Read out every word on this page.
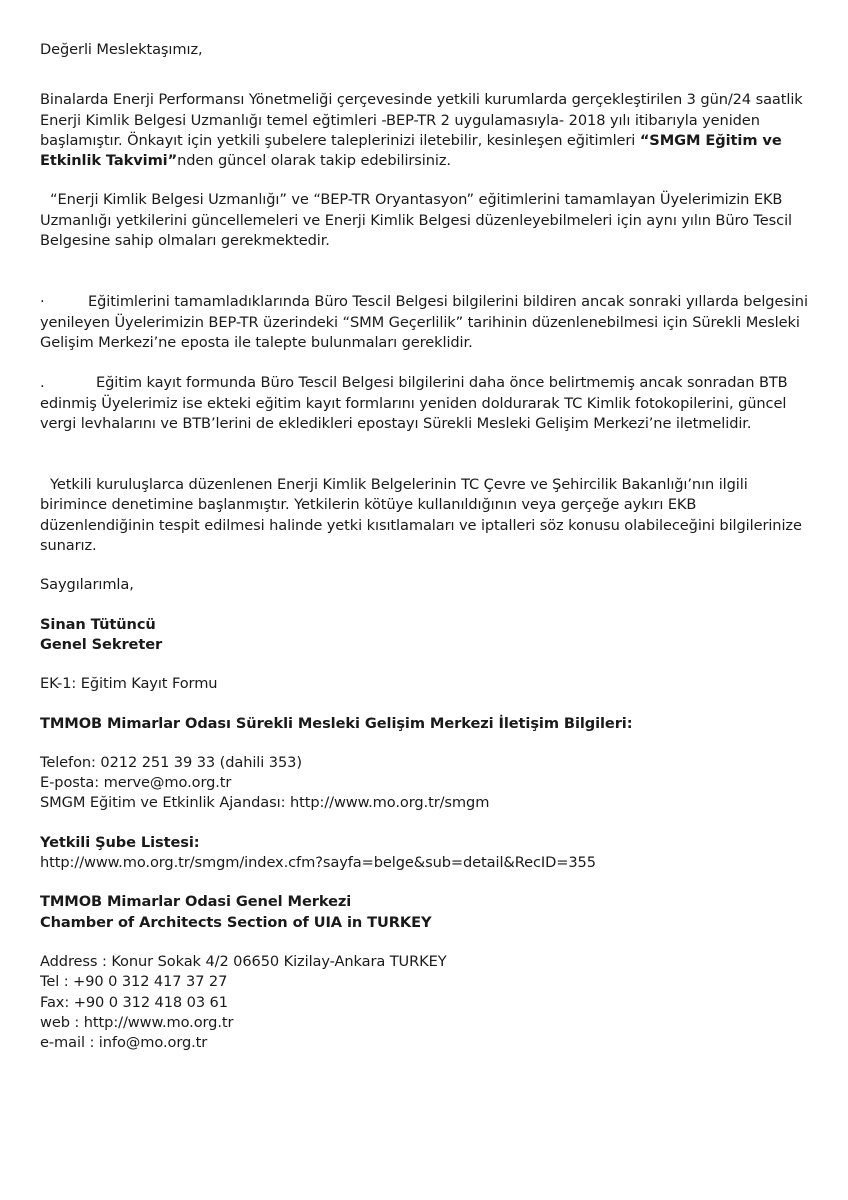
Değerli Meslektaşımız,

Binalarda Enerji Performansı Yönetmeliği çerçevesinde yetkili kurumlarda gerçekleştirilen 3 gün/24 saatlik Enerji Kimlik Belgesi Uzmanlığı temel eğtimleri -BEP-TR 2 uygulamasıyla- 2018 yılı itibarıyla yeniden başlamıştır. Önkayıt için yetkili şubelere taleplerinizi iletebilir, kesinleşen eğitimleri “SMGM Eğitim ve Etkinlik Takvimi”nden güncel olarak takip edebilirsiniz.

“Enerji Kimlik Belgesi Uzmanlığı” ve “BEP-TR Oryantasyon” eğitimlerini tamamlayan Üyelerimizin EKB Uzmanlığı yetkilerini güncellemeleri ve Enerji Kimlik Belgesi düzenleyebilmeleri için aynı yılın Büro Tescil Belgesine sahip olmaları gerekmektedir.

·	Eğitimlerini tamamladıklarında Büro Tescil Belgesi bilgilerini bildiren ancak sonraki yıllarda belgesini yenileyen Üyelerimizin BEP-TR üzerindeki “SMM Geçerlilik” tarihinin düzenlenebilmesi için Sürekli Mesleki Gelişim Merkezi’ne eposta ile talepte bulunmaları gereklidir.

.	Eğitim kayıt formunda Büro Tescil Belgesi bilgilerini daha önce belirtmemiş ancak sonradan BTB edinmiş Üyelerimiz ise ekteki eğitim kayıt formlarını yeniden doldurarak TC Kimlik fotokopilerini, güncel vergi levhalarını ve BTB’lerini de ekledikleri epostayı Sürekli Mesleki Gelişim Merkezi’ne iletmelidir.

Yetkili kuruluşlarca düzenlenen Enerji Kimlik Belgelerinin TC Çevre ve Şehircilik Bakanlığı’nın ilgili birimince denetimine başlanmıştır. Yetkilerin kötüye kullanıldığının veya gerçeğe aykırı EKB düzenlendiğinin tespit edilmesi halinde yetki kısıtlamaları ve iptalleri söz konusu olabileceğini bilgilerinize sunarız.

Saygılarımla,

Sinan Tütüncü

Genel Sekreter

EK-1: Eğitim Kayıt Formu

TMMOB Mimarlar Odası Sürekli Mesleki Gelişim Merkezi İletişim Bilgileri:

Telefon: 0212 251 39 33 (dahili 353)

E-posta: merve@mo.org.tr

SMGM Eğitim ve Etkinlik Ajandası: http://www.mo.org.tr/smgm

Yetkili Şube Listesi:

http://www.mo.org.tr/smgm/index.cfm?sayfa=belge&sub=detail&RecID=355

TMMOB Mimarlar Odasi Genel Merkezi

Chamber of Architects Section of UIA in TURKEY

Address : Konur Sokak 4/2 06650 Kizilay-Ankara TURKEY

Tel : +90 0 312 417 37 27

Fax: +90 0 312 418 03 61

web : http://www.mo.org.tr

e-mail : info@mo.org.tr
